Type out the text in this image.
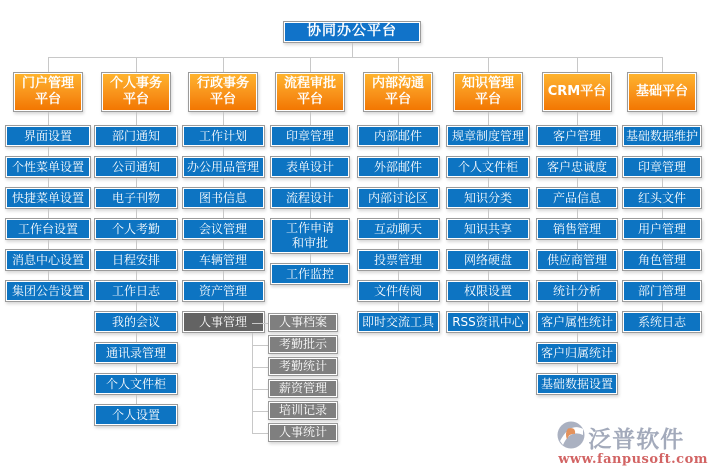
协同办公平台
泛普软件
www.fanpusoft.com
门户管理
平台
界面设置
个性菜单设置
快捷菜单设置
工作台设置
消息中心设置
集团公告设置
个人事务
平台
部门通知
公司通知
电子刊物
个人考勤
日程安排
工作日志
我的会议
通讯录管理
个人文件柜
个人设置
行政事务
平台
工作计划
办公用品管理
图书信息
会议管理
车辆管理
资产管理
人事管理
流程审批
平台
印章管理
表单设计
流程设计
工作申请
和审批
工作监控
内部沟通
平台
内部邮件
外部邮件
内部讨论区
互动聊天
投票管理
文件传阅
即时交流工具
知识管理
平台
规章制度管理
个人文件柜
知识分类
知识共享
网络硬盘
权限设置
RSS资讯中心
CRM平台
客户管理
客户忠诚度
产品信息
销售管理
供应商管理
统计分析
客户属性统计
客户归属统计
基础数据设置
基础平台
基础数据维护
印章管理
红头文件
用户管理
角色管理
部门管理
系统日志
人事档案
考勤批示
考勤统计
薪资管理
培训记录
人事统计
